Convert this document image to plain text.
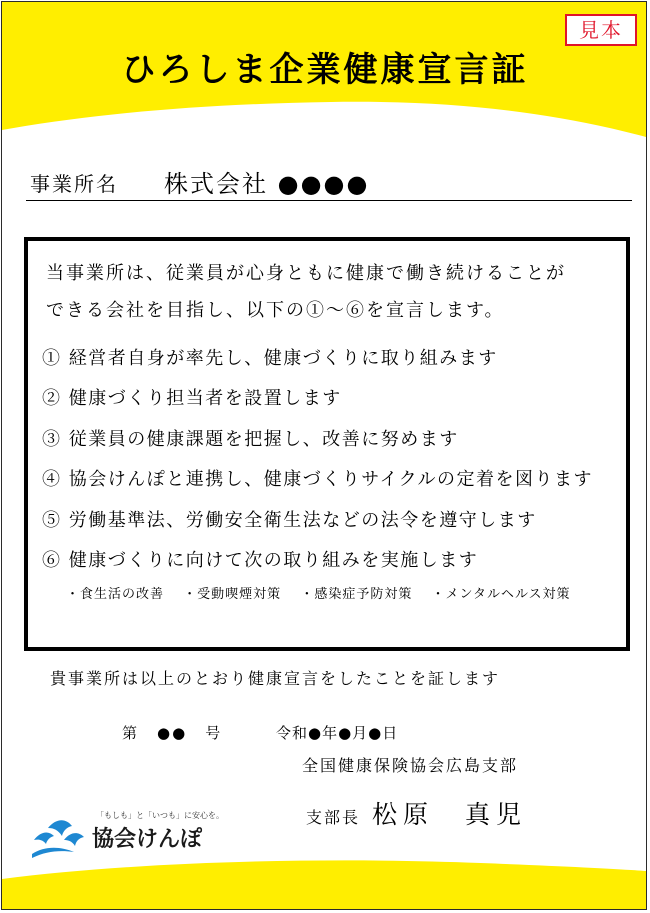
見本
ひろしま企業健康宣言証
事業所名 株式会社 ●●●●
当事業所は、従業員が心身ともに健康で働き続けることが
できる会社を目指し、以下の①～⑥を宣言します。
① 経営者自身が率先し、健康づくりに取り組みます
② 健康づくり担当者を設置します
③ 従業員の健康課題を把握し、改善に努めます
④ 協会けんぽと連携し、健康づくりサイクルの定着を図ります
⑤ 労働基準法、労働安全衛生法などの法令を遵守します
⑥ 健康づくりに向けて次の取り組みを実施します
・食生活の改善 ・受動喫煙対策 ・感染症予防対策 ・メンタルヘルス対策
貴事業所は以上のとおり健康宣言をしたことを証します
第 ●● 号	令和●年●月●日
全国健康保険協会広島支部
支部長 松原　真児
「もしも」と「いつも」に安心を。
協会けんぽ
